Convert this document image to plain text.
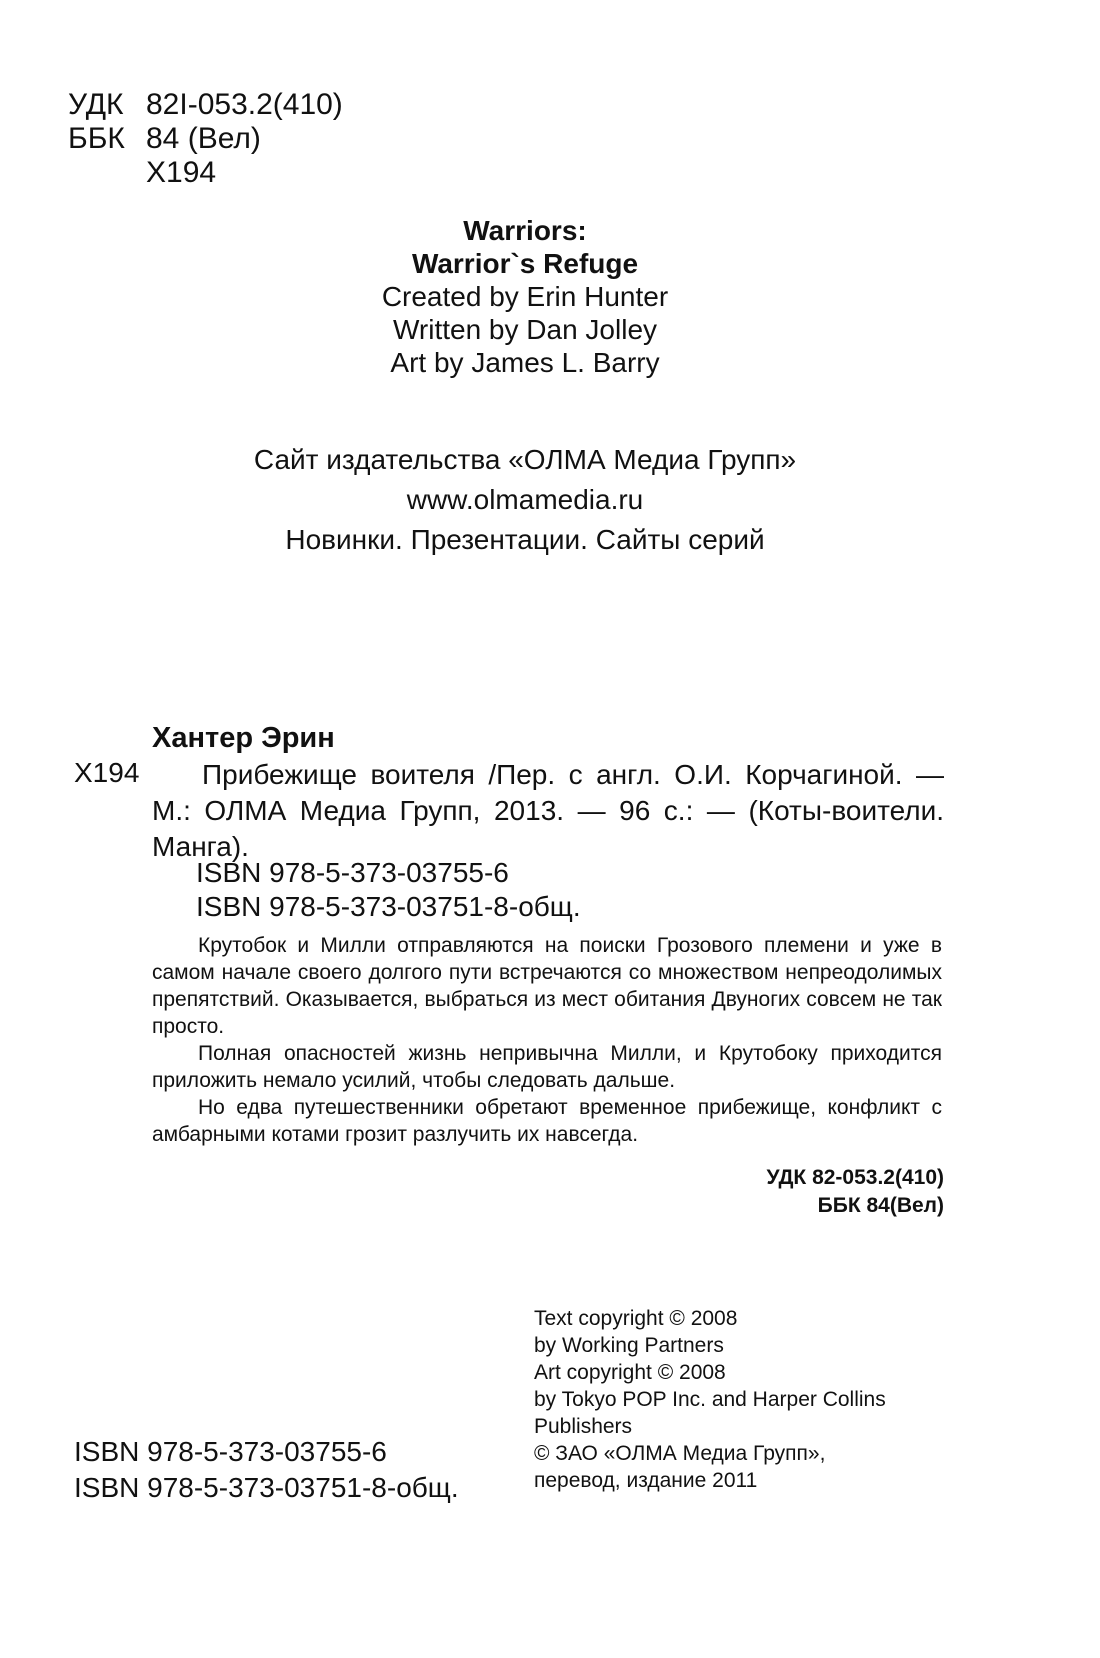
УДК 82I-053.2(410)
ББК 84 (Вел)
Х194
Warriors:
Warrior`s Refuge
Created by Erin Hunter
Written by Dan Jolley
Art by James L. Barry
Сайт издательства «ОЛМА Медиа Групп»
www.olmamedia.ru
Новинки. Презентации. Сайты серий
Хантер Эрин
Х194	Прибежище воителя /Пер. с англ. О.И. Корчагиной. — М.: ОЛМА Медиа Групп, 2013. — 96 с.: — (Коты-воители. Манга).
ISBN 978-5-373-03755-6
ISBN 978-5-373-03751-8-общ.

Крутобок и Милли отправляются на поиски Грозового племени и уже в самом начале своего долгого пути встречаются со множеством непреодолимых препятствий. Оказывается, выбраться из мест обитания Двуногих совсем не так просто.

Полная опасностей жизнь непривычна Милли, и Крутобоку приходится приложить немало усилий, чтобы следовать дальше.

Но едва путешественники обретают временное прибежище, конфликт с амбарными котами грозит разлучить их навсегда.

УДК 82-053.2(410)
ББК 84(Вел)
Text copyright © 2008
by Working Partners
Art copyright © 2008
by Tokyo POP Inc. and Harper Collins
Publishers
© ЗАО «ОЛМА Медиа Групп»,
перевод, издание 2011
ISBN 978-5-373-03755-6
ISBN 978-5-373-03751-8-общ.
